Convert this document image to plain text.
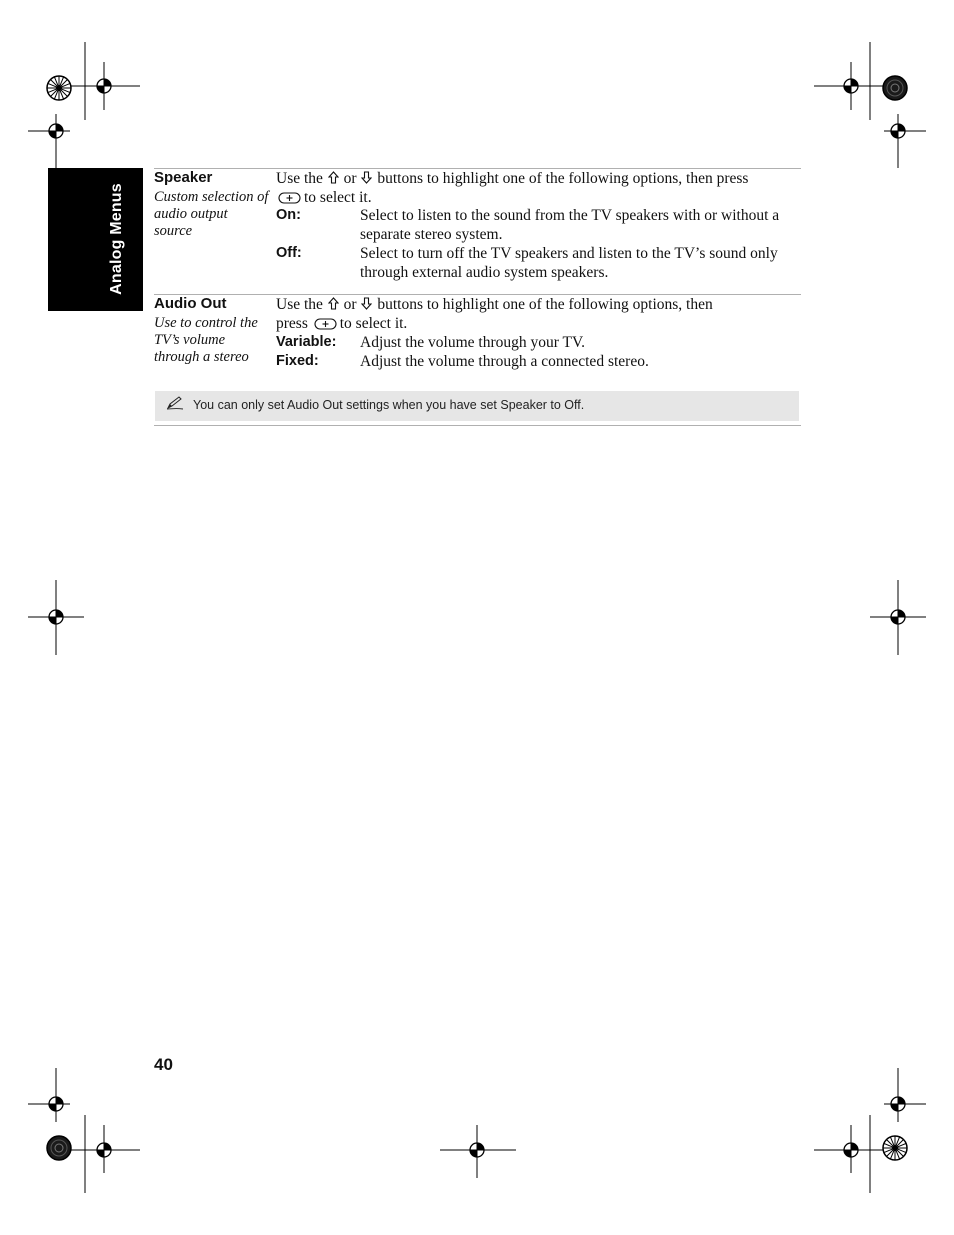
Analog Menus
Speaker
Custom selection of audio output source
Use the or buttons to highlight one of the following options, then press
to select it.
On:	Select to listen to the sound from the TV speakers with or without a separate stereo system.
Off:	Select to turn off the TV speakers and listen to the TV’s sound only through external audio system speakers.
Audio Out
Use to control the TV’s volume through a stereo
Use the or buttons to highlight one of the following options, then
press to select it.
Variable: Adjust the volume through your TV.
Fixed:	Adjust the volume through a connected stereo.
You can only set Audio Out settings when you have set Speaker to Off.
40
